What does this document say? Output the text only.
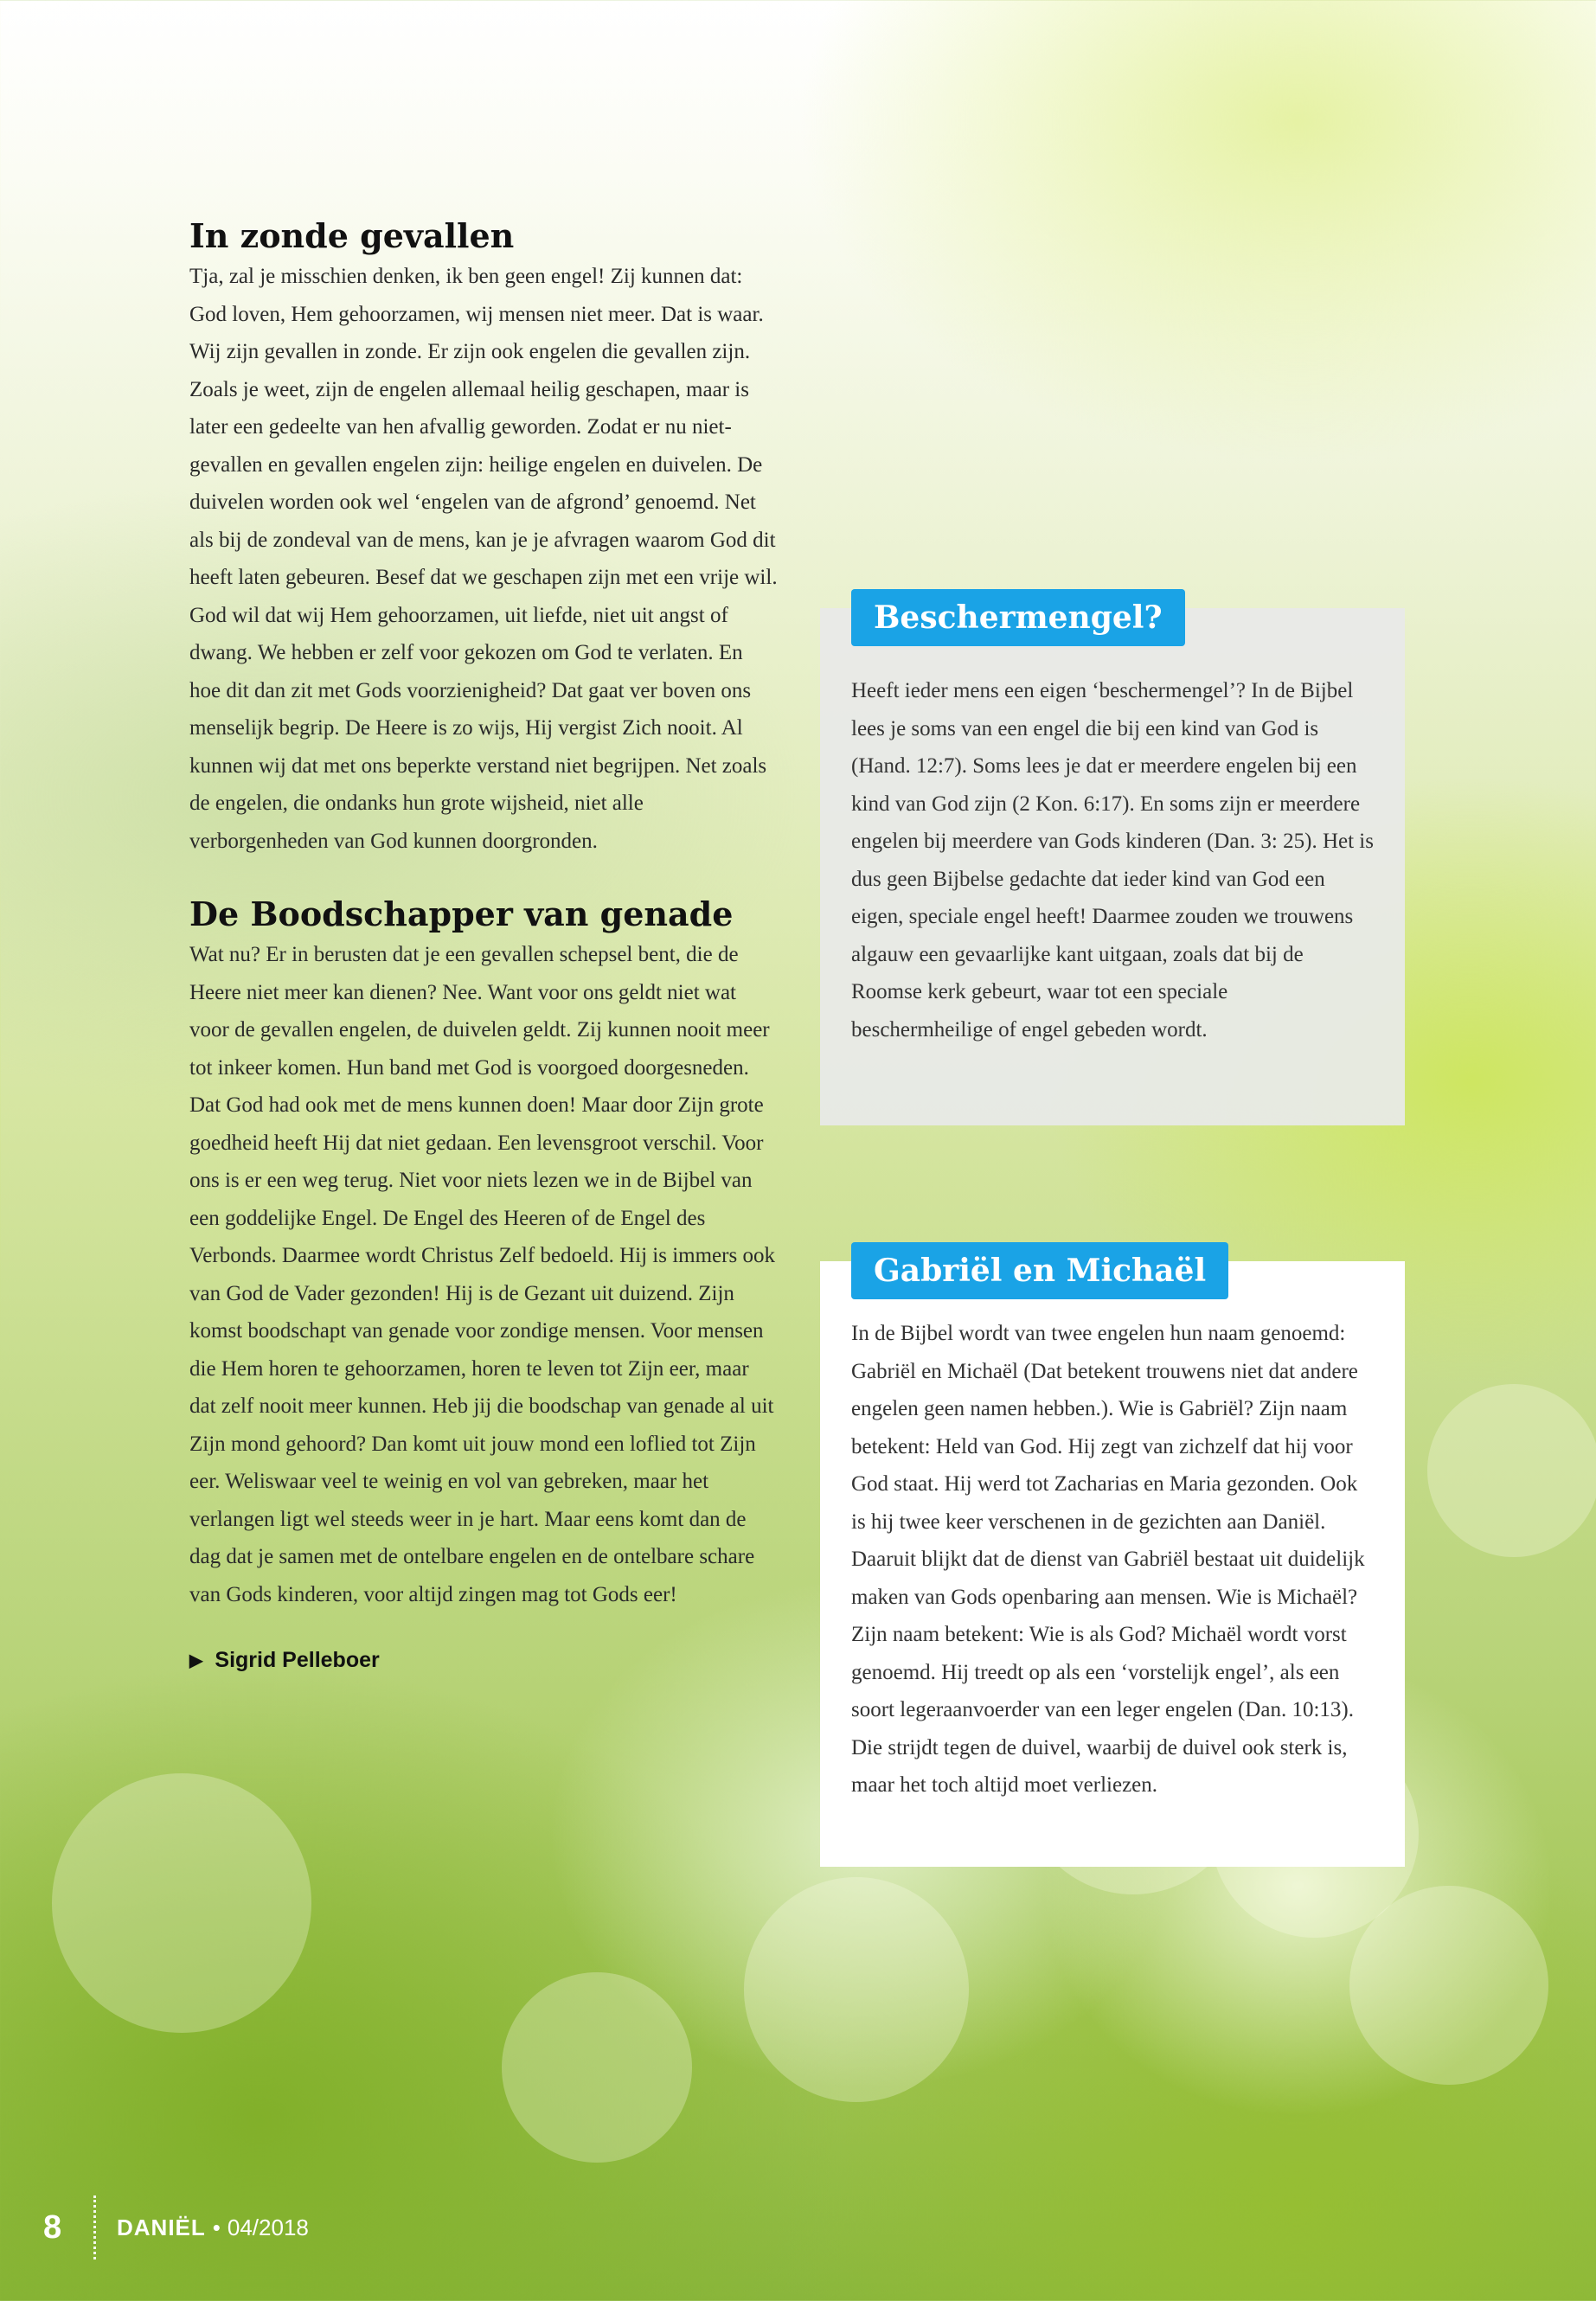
In zonde gevallen

Tja, zal je misschien denken, ik ben geen engel! Zij kunnen dat: God loven, Hem gehoorzamen, wij mensen niet meer. Dat is waar. Wij zijn gevallen in zonde. Er zijn ook engelen die gevallen zijn. Zoals je weet, zijn de engelen allemaal heilig geschapen, maar is later een gedeelte van hen afvallig geworden. Zodat er nu niet-gevallen en gevallen engelen zijn: heilige engelen en duivelen. De duivelen worden ook wel ‘engelen van de afgrond’ genoemd. Net als bij de zondeval van de mens, kan je je afvragen waarom God dit heeft laten gebeuren. Besef dat we geschapen zijn met een vrije wil. God wil dat wij Hem gehoorzamen, uit liefde, niet uit angst of dwang. We hebben er zelf voor gekozen om God te verlaten. En hoe dit dan zit met Gods voorzienigheid? Dat gaat ver boven ons menselijk begrip. De Heere is zo wijs, Hij vergist Zich nooit. Al kunnen wij dat met ons beperkte verstand niet begrijpen. Net zoals de engelen, die ondanks hun grote wijsheid, niet alle verborgenheden van God kunnen doorgronden.

De Boodschapper van genade

Wat nu? Er in berusten dat je een gevallen schepsel bent, die de Heere niet meer kan dienen? Nee. Want voor ons geldt niet wat voor de gevallen engelen, de duivelen geldt. Zij kunnen nooit meer tot inkeer komen. Hun band met God is voorgoed doorgesneden. Dat God had ook met de mens kunnen doen! Maar door Zijn grote goedheid heeft Hij dat niet gedaan. Een levensgroot verschil. Voor ons is er een weg terug. Niet voor niets lezen we in de Bijbel van een goddelijke Engel. De Engel des Heeren of de Engel des Verbonds. Daarmee wordt Christus Zelf bedoeld. Hij is immers ook van God de Vader gezonden! Hij is de Gezant uit duizend. Zijn komst boodschapt van genade voor zondige mensen. Voor mensen die Hem horen te gehoorzamen, horen te leven tot Zijn eer, maar dat zelf nooit meer kunnen. Heb jij die boodschap van genade al uit Zijn mond gehoord? Dan komt uit jouw mond een loflied tot Zijn eer. Weliswaar veel te weinig en vol van gebreken, maar het verlangen ligt wel steeds weer in je hart. Maar eens komt dan de dag dat je samen met de ontelbare engelen en de ontelbare schare van Gods kinderen, voor altijd zingen mag tot Gods eer!

▶ Sigrid Pelleboer
Beschermengel?

Heeft ieder mens een eigen ‘beschermengel’? In de Bijbel lees je soms van een engel die bij een kind van God is (Hand. 12:7). Soms lees je dat er meerdere engelen bij een kind van God zijn (2 Kon. 6:17). En soms zijn er meerdere engelen bij meerdere van Gods kinderen (Dan. 3: 25). Het is dus geen Bijbelse gedachte dat ieder kind van God een eigen, speciale engel heeft! Daarmee zouden we trouwens algauw een gevaarlijke kant uitgaan, zoals dat bij de Roomse kerk gebeurt, waar tot een speciale beschermheilige of engel gebeden wordt.

Gabriël en Michaël

In de Bijbel wordt van twee engelen hun naam genoemd: Gabriël en Michaël (Dat betekent trouwens niet dat andere engelen geen namen hebben.). Wie is Gabriël? Zijn naam betekent: Held van God. Hij zegt van zichzelf dat hij voor God staat. Hij werd tot Zacharias en Maria gezonden. Ook is hij twee keer verschenen in de gezichten aan Daniël. Daaruit blijkt dat de dienst van Gabriël bestaat uit duidelijk maken van Gods openbaring aan mensen. Wie is Michaël? Zijn naam betekent: Wie is als God? Michaël wordt vorst genoemd. Hij treedt op als een ‘vorstelijk engel’, als een soort legeraanvoerder van een leger engelen (Dan. 10:13). Die strijdt tegen de duivel, waarbij de duivel ook sterk is, maar het toch altijd moet verliezen.

8	DANIËL • 04/2018
